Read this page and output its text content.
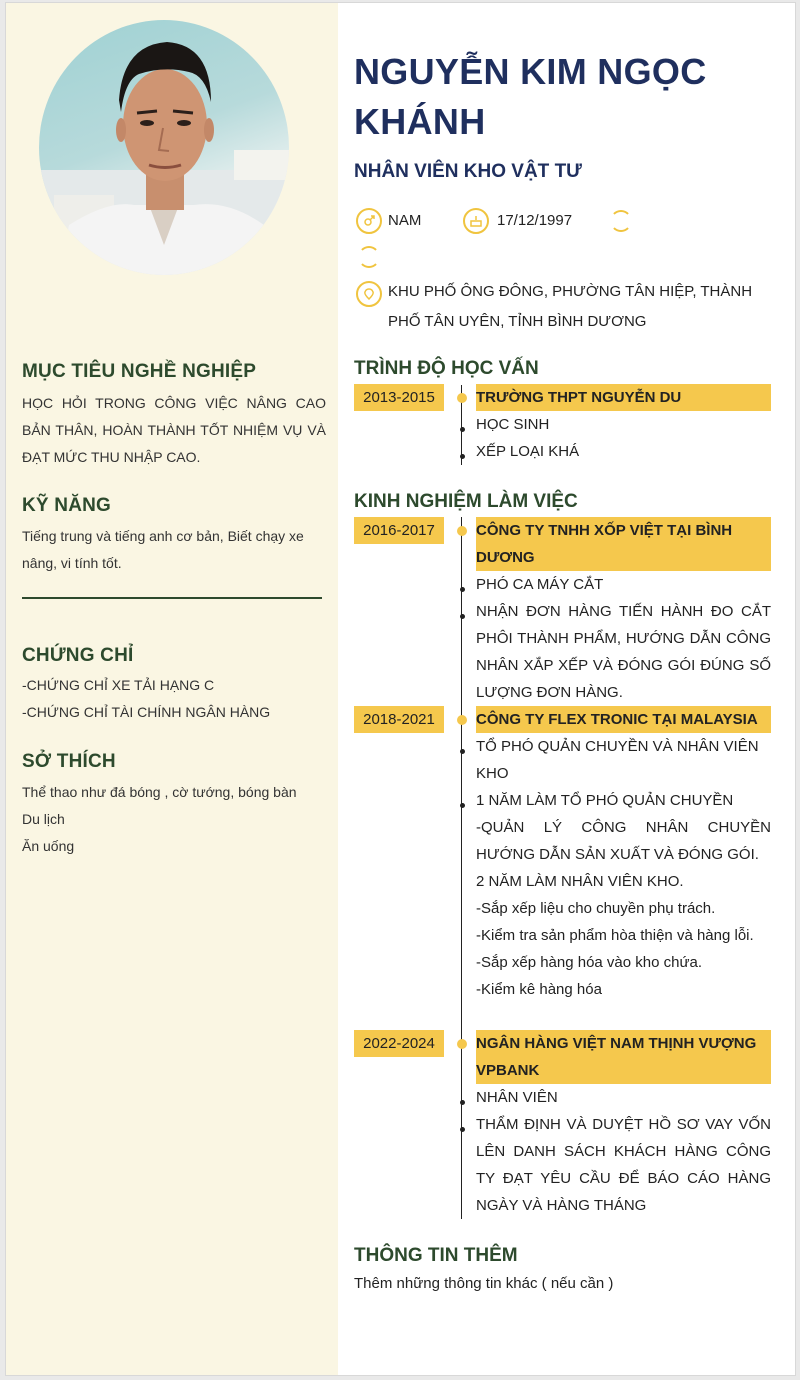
MỤC TIÊU NGHỀ NGHIỆP
HỌC HỎI TRONG CÔNG VIỆC NÂNG CAO BẢN THÂN, HOÀN THÀNH TỐT NHIỆM VỤ VÀ ĐẠT MỨC THU NHẬP CAO.
KỸ NĂNG
Tiếng trung và tiếng anh cơ bản, Biết chạy xe nâng, vi tính tốt.
CHỨNG CHỈ
-CHỨNG CHỈ XE TẢI HẠNG C
-CHỨNG CHỈ TÀI CHÍNH NGÂN HÀNG
SỞ THÍCH
Thể thao như đá bóng , cờ tướng, bóng bàn
Du lịch
Ăn uống
NGUYỄN KIM NGỌC KHÁNH
NHÂN VIÊN KHO VẬT TƯ
NAM	17/12/1997
KHU PHỐ ÔNG ĐÔNG, PHƯỜNG TÂN HIỆP, THÀNH PHỐ TÂN UYÊN, TỈNH BÌNH DƯƠNG
TRÌNH ĐỘ HỌC VẤN
2013-2015	TRƯỜNG THPT NGUYỄN DU
HỌC SINH
XẾP LOẠI KHÁ
KINH NGHIỆM LÀM VIỆC
2016-2017	CÔNG TY TNHH XỐP VIỆT TẠI BÌNH DƯƠNG
PHÓ CA MÁY CẮT
NHẬN ĐƠN HÀNG TIẾN HÀNH ĐO CẮT PHÔI THÀNH PHẨM, HƯỚNG DẪN CÔNG NHÂN XẮP XẾP VÀ ĐÓNG GÓI ĐÚNG SỐ LƯỢNG ĐƠN HÀNG.
2018-2021	CÔNG TY FLEX TRONIC TẠI MALAYSIA
TỔ PHÓ QUẢN CHUYỀN VÀ NHÂN VIÊN KHO
1 NĂM LÀM TỔ PHÓ QUẢN CHUYỀN
-QUẢN LÝ CÔNG NHÂN CHUYỀN HƯỚNG DẪN SẢN XUẤT VÀ ĐÓNG GÓI.
2 NĂM LÀM NHÂN VIÊN KHO.
-Sắp xếp liệu cho chuyền phụ trách.
-Kiểm tra sản phẩm hòa thiện và hàng lỗi.
-Sắp xếp hàng hóa vào kho chứa.
-Kiểm kê hàng hóa
2022-2024	NGÂN HÀNG VIỆT NAM THỊNH VƯỢNG VPBANK
NHÂN VIÊN
THẨM ĐỊNH VÀ DUYỆT HỒ SƠ VAY VỐN LÊN DANH SÁCH KHÁCH HÀNG CÔNG TY ĐẠT YÊU CẦU ĐỂ BÁO CÁO HÀNG NGÀY VÀ HÀNG THÁNG
THÔNG TIN THÊM
Thêm những thông tin khác ( nếu cần )
